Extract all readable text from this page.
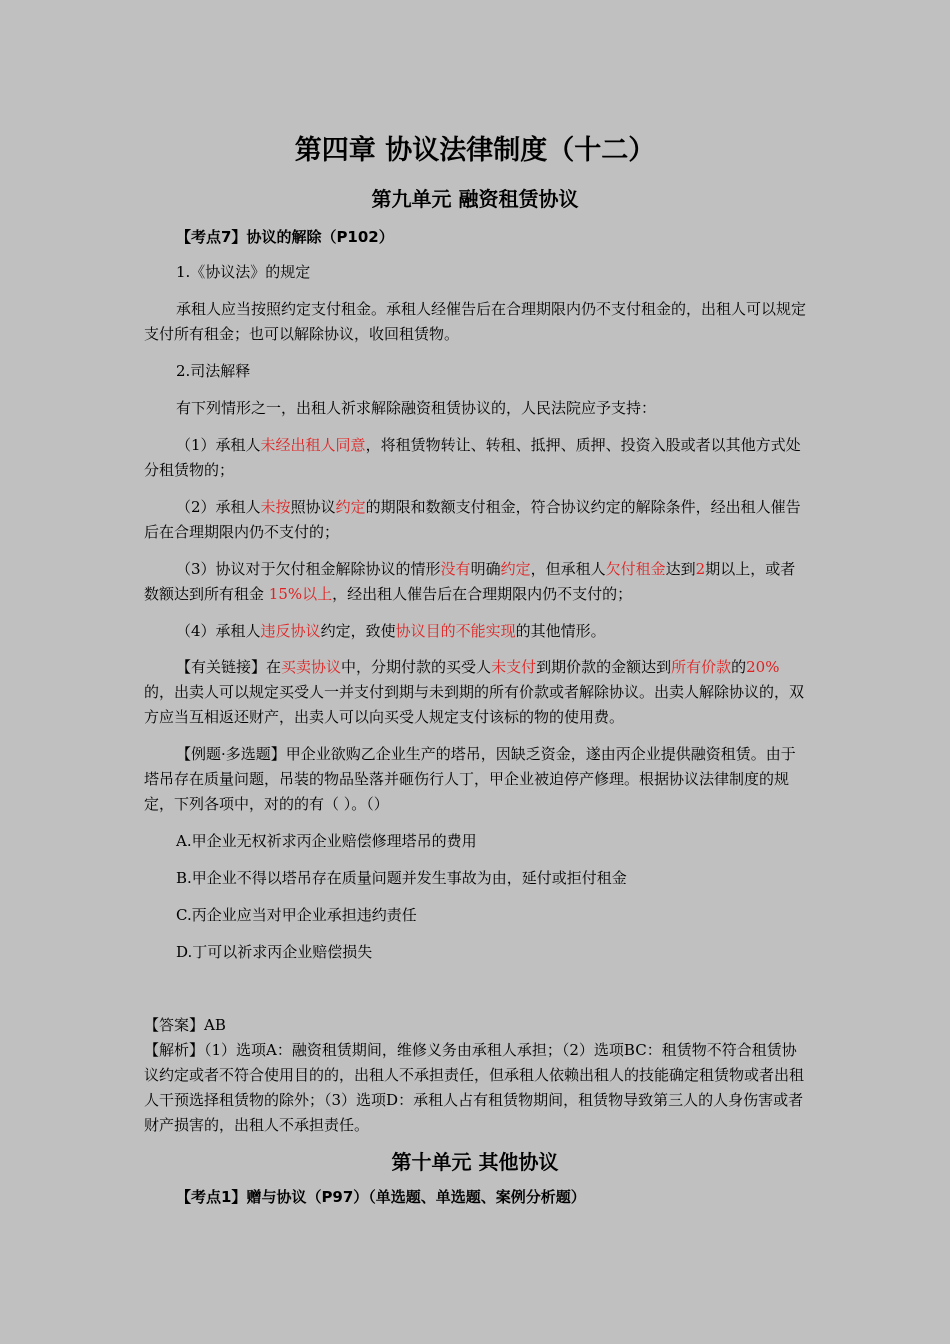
第四章 协议法律制度（十二）
第九单元 融资租赁协议

【考点7】协议的解除（P102）

1.《协议法》的规定

承租人应当按照约定支付租金。承租人经催告后在合理期限内仍不支付租金的，出租人可以规定支付所有租金；也可以解除协议，收回租赁物。

2.司法解释

有下列情形之一，出租人祈求解除融资租赁协议的，人民法院应予支持：

（1）承租人未经出租人同意，将租赁物转让、转租、抵押、质押、投资入股或者以其他方式处分租赁物的；

（2）承租人未按照协议约定的期限和数额支付租金，符合协议约定的解除条件，经出租人催告后在合理期限内仍不支付的；

（3）协议对于欠付租金解除协议的情形没有明确约定，但承租人欠付租金达到2期以上，或者数额达到所有租金 15%以上，经出租人催告后在合理期限内仍不支付的；

（4）承租人违反协议约定，致使协议目的不能实现的其他情形。

【有关链接】在买卖协议中，分期付款的买受人未支付到期价款的金额达到所有价款的20%的，出卖人可以规定买受人一并支付到期与未到期的所有价款或者解除协议。出卖人解除协议的，双方应当互相返还财产，出卖人可以向买受人规定支付该标的物的使用费。

【例题·多选题】甲企业欲购乙企业生产的塔吊，因缺乏资金，遂由丙企业提供融资租赁。由于塔吊存在质量问题，吊装的物品坠落并砸伤行人丁，甲企业被迫停产修理。根据协议法律制度的规定，下列各项中，对的的有（ ）。（）

A.甲企业无权祈求丙企业赔偿修理塔吊的费用

B.甲企业不得以塔吊存在质量问题并发生事故为由，延付或拒付租金

C.丙企业应当对甲企业承担违约责任

D.丁可以祈求丙企业赔偿损失

【答案】AB

【解析】（1）选项A：融资租赁期间，维修义务由承租人承担；（2）选项BC：租赁物不符合租赁协议约定或者不符合使用目的的，出租人不承担责任，但承租人依赖出租人的技能确定租赁物或者出租人干预选择租赁物的除外；（3）选项D：承租人占有租赁物期间，租赁物导致第三人的人身伤害或者财产损害的，出租人不承担责任。

第十单元 其他协议

【考点1】赠与协议（P97）（单选题、单选题、案例分析题）
